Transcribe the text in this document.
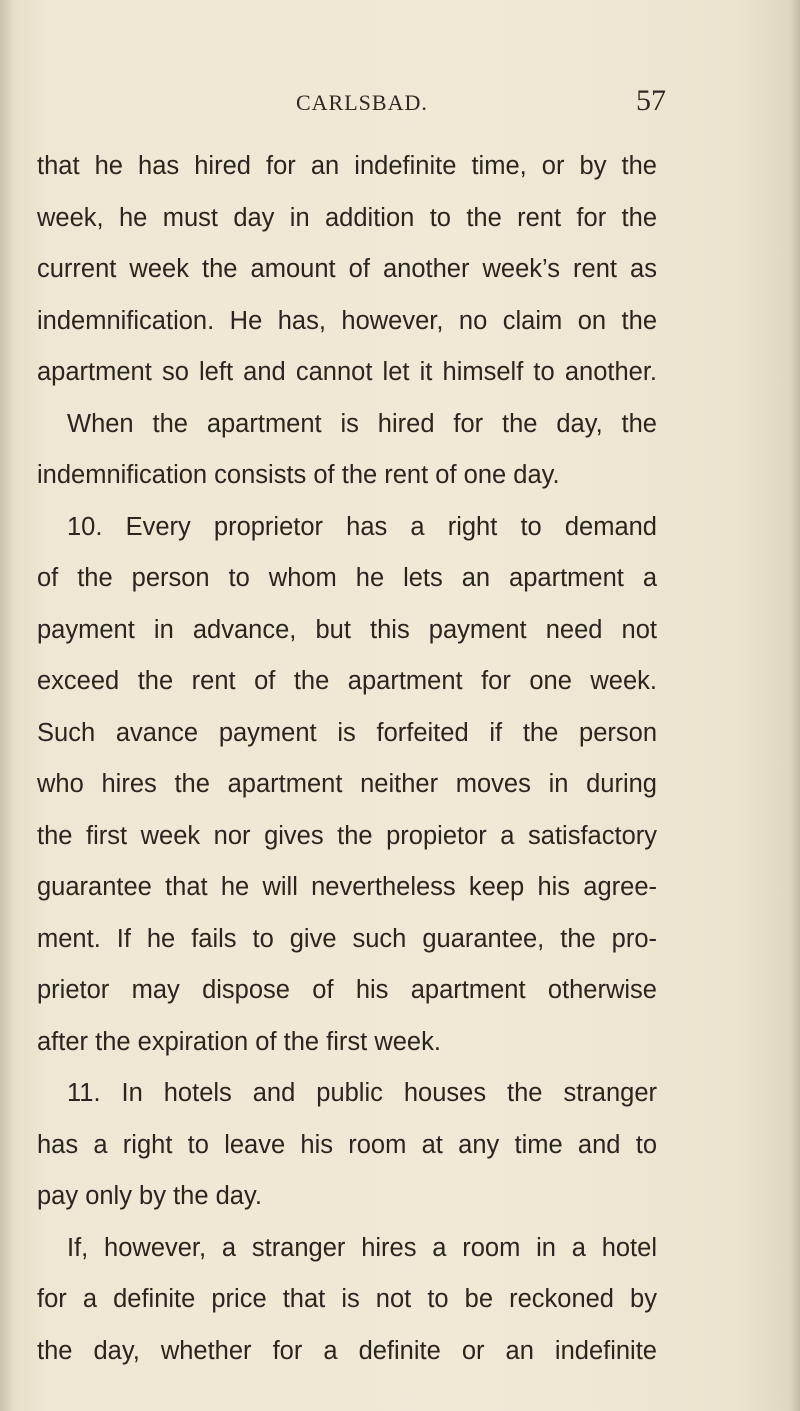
CARLSBAD.	57
that he has hired for an indefinite time, or by the
week, he must day in addition to the rent for the
current week the amount of another week’s rent as
indemnification. He has, however, no claim on the
apartment so left and cannot let it himself to another.
When the apartment is hired for the day, the
indemnification consists of the rent of one day.
10. Every proprietor has a right to demand
of the person to whom he lets an apartment a
payment in advance, but this payment need not
exceed the rent of the apartment for one week.
Such avance payment is forfeited if the person
who hires the apartment neither moves in during
the first week nor gives the propietor a satisfactory
guarantee that he will nevertheless keep his agree-
ment. If he fails to give such guarantee, the pro-
prietor may dispose of his apartment otherwise
after the expiration of the first week.
11. In hotels and public houses the stranger
has a right to leave his room at any time and to
pay only by the day.
If, however, a stranger hires a room in a hotel
for a definite price that is not to be reckoned by
the day, whether for a definite or an indefinite
